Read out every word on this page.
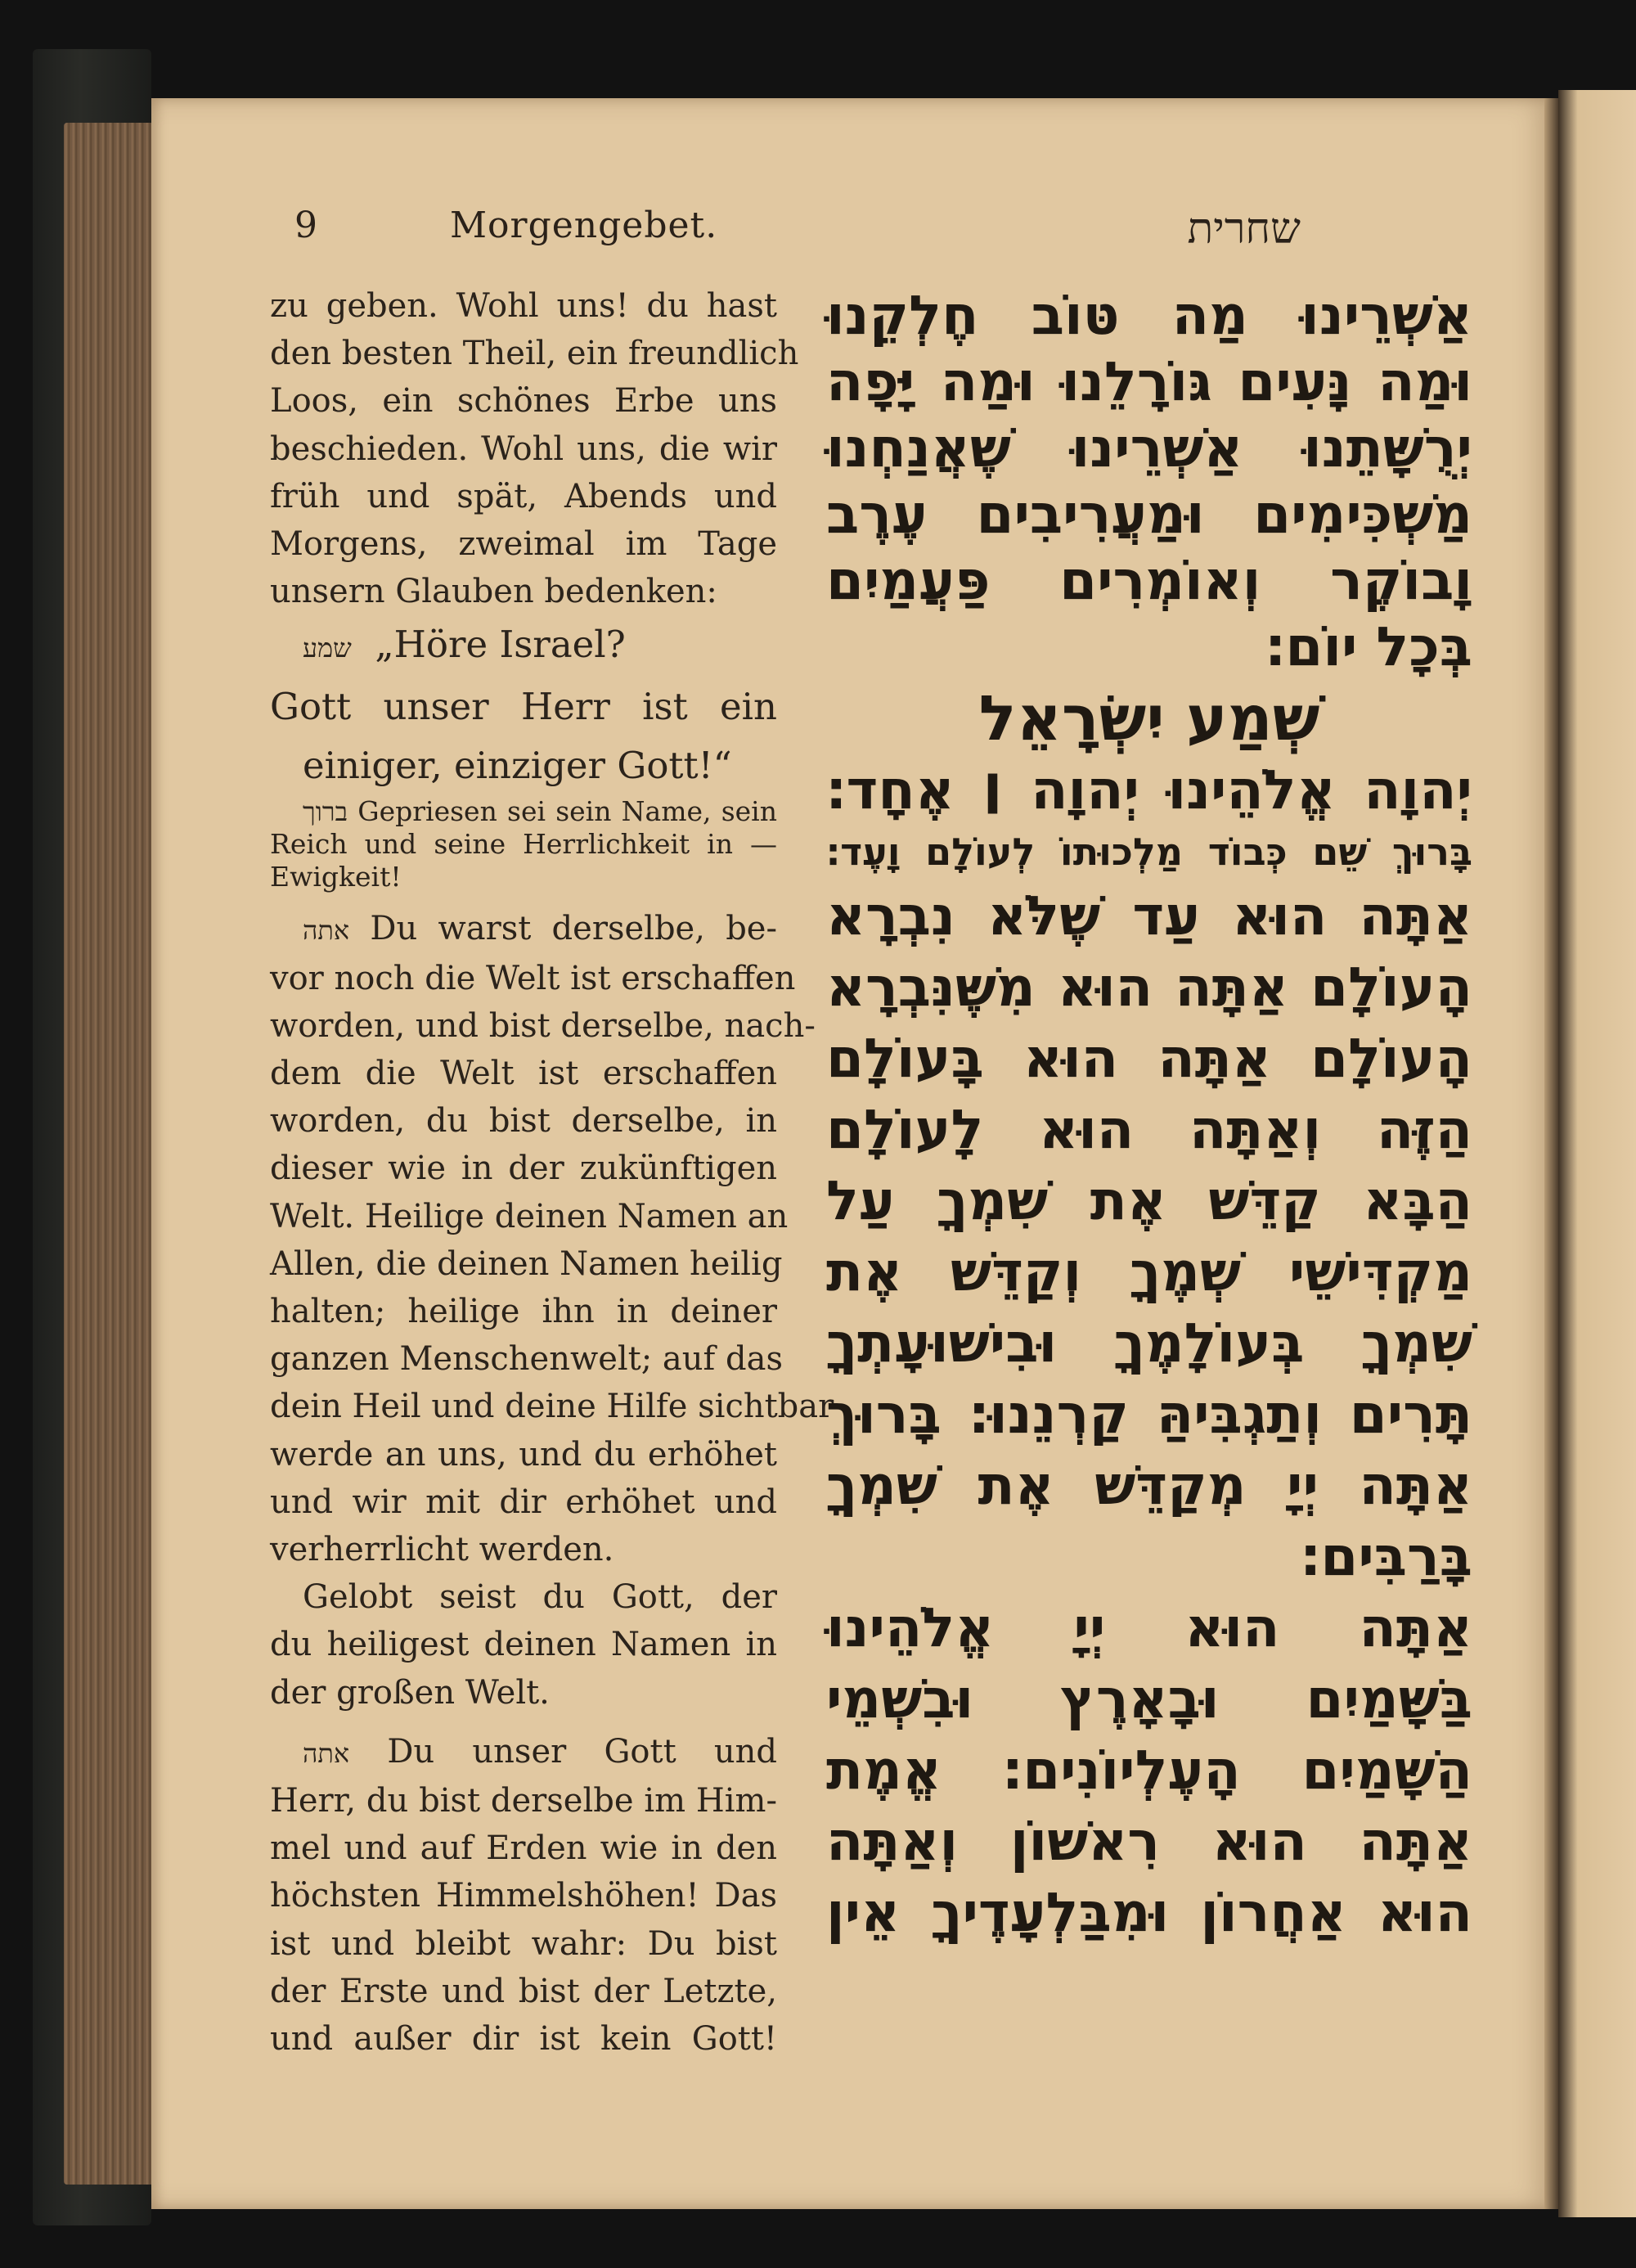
9	Morgengebet.	שחרית
zu geben. Wohl uns! du hast
den besten Theil, ein freundlich
Loos, ein schönes Erbe uns
beschieden. Wohl uns, die wir
früh und spät, Abends und
Morgens, zweimal im Tage
unsern Glauben bedenken:
שמע „Höre Israel?
Gott unser Herr ist ein
einiger, einziger Gott!“
ברוך Gepriesen sei sein Name, sein
Reich und seine Herrlichkeit in —
Ewigkeit!
אתה Du warst derselbe, be-
vor noch die Welt ist erschaffen
worden, und bist derselbe, nach-
dem die Welt ist erschaffen
worden, du bist derselbe, in
dieser wie in der zukünftigen
Welt. Heilige deinen Namen an
Allen, die deinen Namen heilig
halten; heilige ihn in deiner
ganzen Menschenwelt; auf das
dein Heil und deine Hilfe sichtbar
werde an uns, und du erhöhet
und wir mit dir erhöhet und
verherrlicht werden.
Gelobt seist du Gott, der
du heiligest deinen Namen in
der großen Welt.
אתה Du unser Gott und
Herr, du bist derselbe im Him-
mel und auf Erden wie in den
höchsten Himmelshöhen! Das
ist und bleibt wahr: Du bist
der Erste und bist der Letzte,
und außer dir ist kein Gott!
אַשְׁרֵינוּ מַה טּוֹב חֶלְקֵנוּ
וּמַה נָּעִים גּוֹרָלֵנוּ וּמַה יָּפָה
יְרֻשָּׁתֵנוּ אַשְׁרֵינוּ שֶׁאֲנַחְנוּ
מַשְׁכִּימִים וּמַעֲרִיבִים עֶרֶב
וָבוֹקֶר וְאוֹמְרִים פַּעֲמַיִם
בְּכָל יוֹם׃
שְׁמַע יִשְׂרָאֵל
יְהוָה אֱלֹהֵינוּ יְהוָה ׀ אֶחָד׃
בָּרוּךְ שֵׁם כְּבוֹד מַלְכוּתוֹ לְעוֹלָם וָעֶד׃
אַתָּה הוּא עַד שֶׁלֹּא נִבְרָא
הָעוֹלָם אַתָּה הוּא מִשֶּׁנִּבְרָא
הָעוֹלָם אַתָּה הוּא בָּעוֹלָם
הַזֶּה וְאַתָּה הוּא לָעוֹלָם
הַבָּא קַדֵּשׁ אֶת שִׁמְךָ עַל
מַקְדִּישֵׁי שְׁמֶךָ וְקַדֵּשׁ אֶת
שִׁמְךָ בְּעוֹלָמֶךָ וּבִישׁוּעָתְךָ
תָּרִים וְתַגְבִּיהַּ קַרְנֵנוּ׃ בָּרוּךְ
אַתָּה יְיָ מְקַדֵּשׁ אֶת שִׁמְךָ
בָּרַבִּים׃
אַתָּה הוּא יְיָ אֱלֹהֵינוּ
בַּשָּׁמַיִם וּבָאָרֶץ וּבִשְׁמֵי
הַשָּׁמַיִם הָעֶלְיוֹנִים׃ אֱמֶת
אַתָּה הוּא רִאשׁוֹן וְאַתָּה
הוּא אַחֲרוֹן וּמִבַּלְעָדֶיךָ אֵין
